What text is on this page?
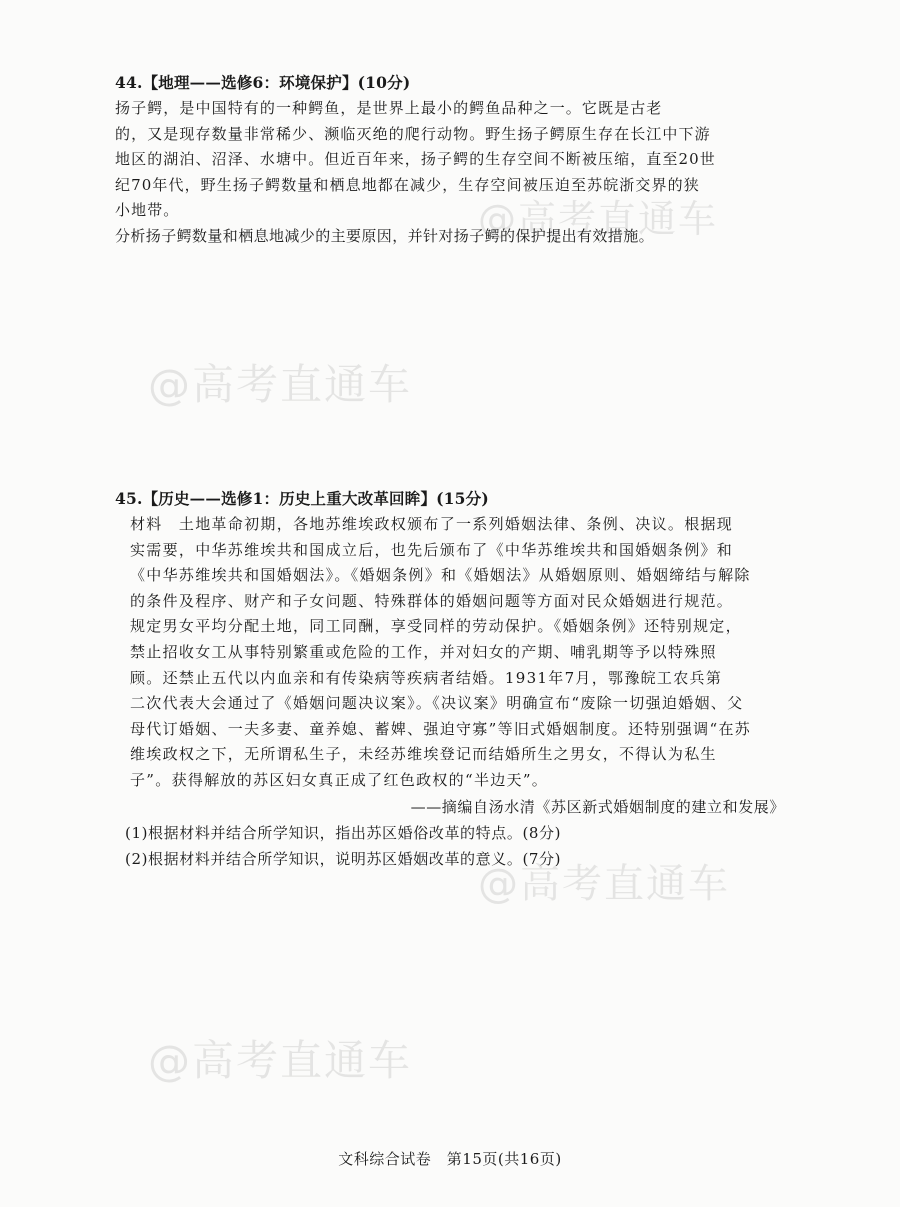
@高考直通车
@高考直通车
@高考直通车
@高考直通车
44.【地理——选修6：环境保护】(10分)
扬子鳄，是中国特有的一种鳄鱼，是世界上最小的鳄鱼品种之一。它既是古老
的，又是现存数量非常稀少、濒临灭绝的爬行动物。野生扬子鳄原生存在长江中下游
地区的湖泊、沼泽、水塘中。但近百年来，扬子鳄的生存空间不断被压缩，直至20世
纪70年代，野生扬子鳄数量和栖息地都在减少，生存空间被压迫至苏皖浙交界的狭
小地带。
分析扬子鳄数量和栖息地减少的主要原因，并针对扬子鳄的保护提出有效措施。
45.【历史——选修1：历史上重大改革回眸】(15分)
材料　土地革命初期，各地苏维埃政权颁布了一系列婚姻法律、条例、决议。根据现
实需要，中华苏维埃共和国成立后，也先后颁布了《中华苏维埃共和国婚姻条例》和
《中华苏维埃共和国婚姻法》。《婚姻条例》和《婚姻法》从婚姻原则、婚姻缔结与解除
的条件及程序、财产和子女问题、特殊群体的婚姻问题等方面对民众婚姻进行规范。
规定男女平均分配土地，同工同酬，享受同样的劳动保护。《婚姻条例》还特别规定，
禁止招收女工从事特别繁重或危险的工作，并对妇女的产期、哺乳期等予以特殊照
顾。还禁止五代以内血亲和有传染病等疾病者结婚。1931年7月，鄂豫皖工农兵第
二次代表大会通过了《婚姻问题决议案》。《决议案》明确宣布“废除一切强迫婚姻、父
母代订婚姻、一夫多妻、童养媳、蓄婢、强迫守寡”等旧式婚姻制度。还特别强调“在苏
维埃政权之下，无所谓私生子，未经苏维埃登记而结婚所生之男女，不得认为私生
子”。获得解放的苏区妇女真正成了红色政权的“半边天”。
——摘编自汤水清《苏区新式婚姻制度的建立和发展》
(1)根据材料并结合所学知识，指出苏区婚俗改革的特点。(8分)
(2)根据材料并结合所学知识，说明苏区婚姻改革的意义。(7分)
文科综合试卷　第15页(共16页)
